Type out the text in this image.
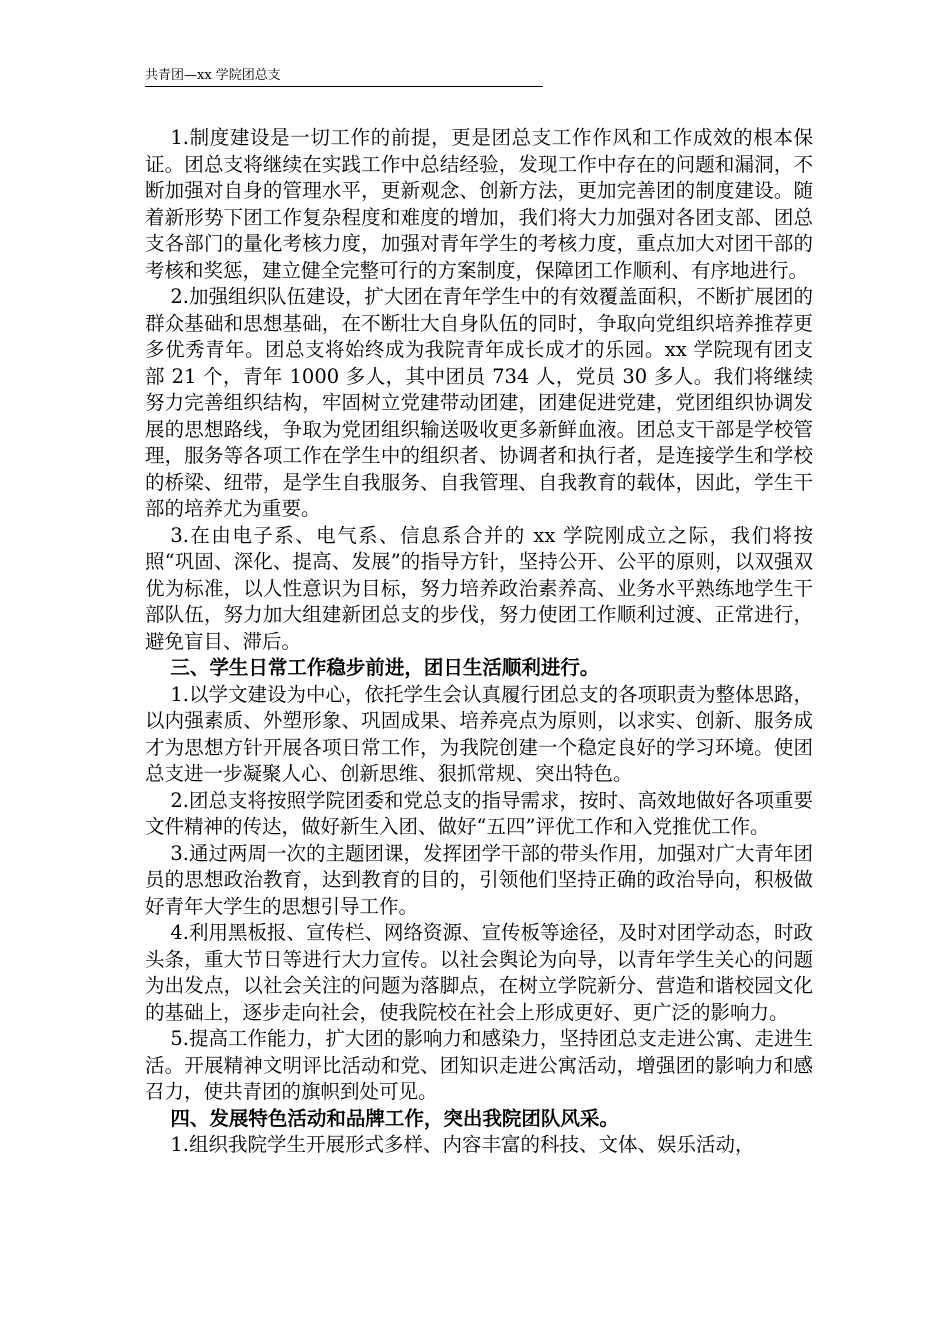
共青团—xx 学院团总支

1.制度建设是一切工作的前提，更是团总支工作作风和工作成效的根本保证。团总支将继续在实践工作中总结经验，发现工作中存在的问题和漏洞，不断加强对自身的管理水平，更新观念、创新方法，更加完善团的制度建设。随着新形势下团工作复杂程度和难度的增加，我们将大力加强对各团支部、团总支各部门的量化考核力度，加强对青年学生的考核力度，重点加大对团干部的考核和奖惩，建立健全完整可行的方案制度，保障团工作顺利、有序地进行。

2.加强组织队伍建设，扩大团在青年学生中的有效覆盖面积，不断扩展团的群众基础和思想基础，在不断壮大自身队伍的同时，争取向党组织培养推荐更多优秀青年。团总支将始终成为我院青年成长成才的乐园。xx 学院现有团支部 21 个，青年 1000 多人，其中团员 734 人，党员 30 多人。我们将继续努力完善组织结构，牢固树立党建带动团建，团建促进党建，党团组织协调发展的思想路线，争取为党团组织输送吸收更多新鲜血液。团总支干部是学校管理，服务等各项工作在学生中的组织者、协调者和执行者，是连接学生和学校的桥梁、纽带，是学生自我服务、自我管理、自我教育的载体，因此，学生干部的培养尤为重要。

3.在由电子系、电气系、信息系合并的 xx 学院刚成立之际，我们将按照“巩固、深化、提高、发展”的指导方针，坚持公开、公平的原则，以双强双优为标准，以人性意识为目标，努力培养政治素养高、业务水平熟练地学生干部队伍，努力加大组建新团总支的步伐，努力使团工作顺利过渡、正常进行，避免盲目、滞后。

三、学生日常工作稳步前进，团日生活顺利进行。

1.以学文建设为中心，依托学生会认真履行团总支的各项职责为整体思路，以内强素质、外塑形象、巩固成果、培养亮点为原则，以求实、创新、服务成才为思想方针开展各项日常工作，为我院创建一个稳定良好的学习环境。使团总支进一步凝聚人心、创新思维、狠抓常规、突出特色。

2.团总支将按照学院团委和党总支的指导需求，按时、高效地做好各项重要文件精神的传达，做好新生入团、做好“五四”评优工作和入党推优工作。

3.通过两周一次的主题团课，发挥团学干部的带头作用，加强对广大青年团员的思想政治教育，达到教育的目的，引领他们坚持正确的政治导向，积极做好青年大学生的思想引导工作。

4.利用黑板报、宣传栏、网络资源、宣传板等途径，及时对团学动态，时政头条，重大节日等进行大力宣传。以社会舆论为向导，以青年学生关心的问题为出发点，以社会关注的问题为落脚点，在树立学院新分、营造和谐校园文化的基础上，逐步走向社会，使我院校在社会上形成更好、更广泛的影响力。

5.提高工作能力，扩大团的影响力和感染力，坚持团总支走进公寓、走进生活。开展精神文明评比活动和党、团知识走进公寓活动，增强团的影响力和感召力，使共青团的旗帜到处可见。

四、发展特色活动和品牌工作，突出我院团队风采。

1.组织我院学生开展形式多样、内容丰富的科技、文体、娱乐活动，
